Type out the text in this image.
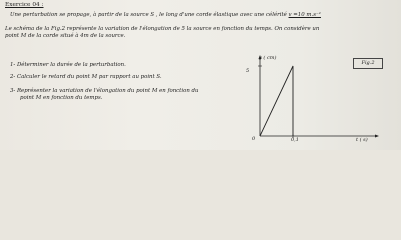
Exercice 04 :
Une perturbation se propage, à partir de la source S , le long d'une corde élastique avec une célérité v =10 m.s⁻¹
Le schéma de la Fig.2 représente la variation de l'élongation de 5 la source en fonction du temps. On considère un
point M de la corde situé à 4m de la source.
1- Déterminer la durée de la perturbation.
2- Calculer le retard du point M par rapport au point S.
3- Représenter la variation de l'élongation du point M en fonction du
point M en fonction du temps.
Fig.2
y ( cm)
5
0	0,1	t ( s)
